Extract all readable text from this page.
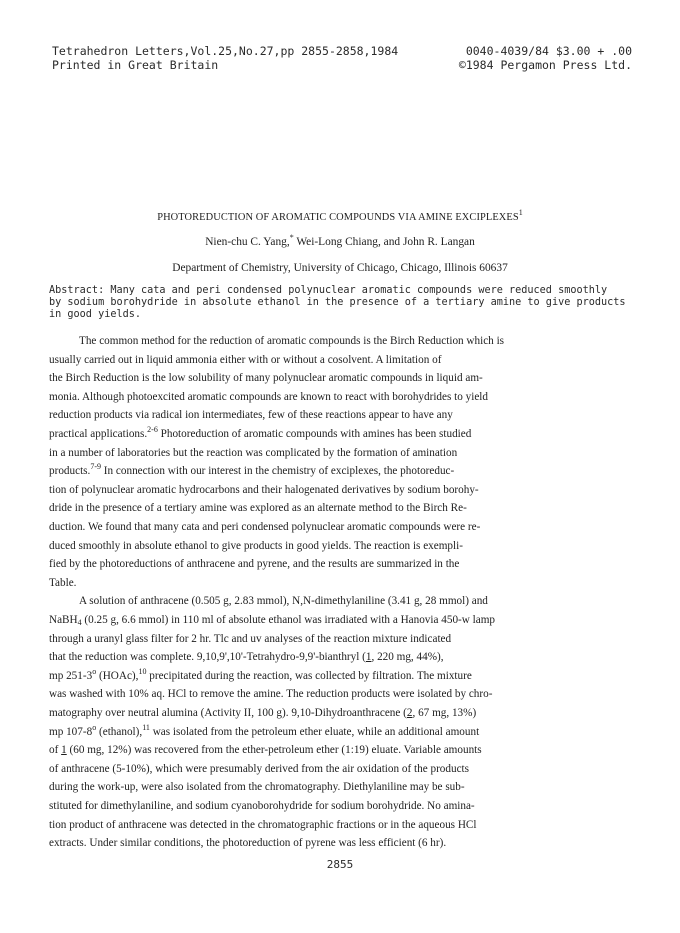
Tetrahedron Letters,Vol.25,No.27,pp 2855-2858,1984	0040-4039/84 $3.00 + .00
Printed in Great Britain	©1984 Pergamon Press Ltd.
PHOTOREDUCTION OF AROMATIC COMPOUNDS VIA AMINE EXCIPLEXES$^1$
Nien-chu C. Yang,* Wei-Long Chiang, and John R. Langan
Department of Chemistry, University of Chicago, Chicago, Illinois 60637
Abstract: Many cata and peri condensed polynuclear aromatic compounds were reduced smoothly
by sodium borohydride in absolute ethanol in the presence of a tertiary amine to give products
in good yields.
The common method for the reduction of aromatic compounds is the Birch Reduction which is
usually carried out in liquid ammonia either with or without a cosolvent. A limitation of
the Birch Reduction is the low solubility of many polynuclear aromatic compounds in liquid am-
monia. Although photoexcited aromatic compounds are known to react with borohydrides to yield
reduction products via radical ion intermediates, few of these reactions appear to have any
practical applications.$^{2-6}$ Photoreduction of aromatic compounds with amines has been studied
in a number of laboratories but the reaction was complicated by the formation of amination
products.$^{7-9}$ In connection with our interest in the chemistry of exciplexes, the photoreduc-
tion of polynuclear aromatic hydrocarbons and their halogenated derivatives by sodium borohy-
dride in the presence of a tertiary amine was explored as an alternate method to the Birch Re-
duction. We found that many cata and peri condensed polynuclear aromatic compounds were re-
duced smoothly in absolute ethanol to give products in good yields. The reaction is exempli-
fied by the photoreductions of anthracene and pyrene, and the results are summarized in the
Table.
A solution of anthracene (0.505 g, 2.83 mmol), N,N-dimethylaniline (3.41 g, 28 mmol) and
NaBH$_4$ (0.25 g, 6.6 mmol) in 110 ml of absolute ethanol was irradiated with a Hanovia 450-w lamp
through a uranyl glass filter for 2 hr. Tlc and uv analyses of the reaction mixture indicated
that the reduction was complete. 9,10,9',10'-Tetrahydro-9,9'-bianthryl (1, 220 mg, 44%),
mp 251-3$^o$ (HOAc),$^{10}$ precipitated during the reaction, was collected by filtration. The mixture
was washed with 10% aq. HCl to remove the amine. The reduction products were isolated by chro-
matography over neutral alumina (Activity II, 100 g). 9,10-Dihydroanthracene (2, 67 mg, 13%)
mp 107-8$^o$ (ethanol),$^{11}$ was isolated from the petroleum ether eluate, while an additional amount
of 1 (60 mg, 12%) was recovered from the ether-petroleum ether (1:19) eluate. Variable amounts
of anthracene (5-10%), which were presumably derived from the air oxidation of the products
during the work-up, were also isolated from the chromatography. Diethylaniline may be sub-
stituted for dimethylaniline, and sodium cyanoborohydride for sodium borohydride. No amina-
tion product of anthracene was detected in the chromatographic fractions or in the aqueous HCl
extracts. Under similar conditions, the photoreduction of pyrene was less efficient (6 hr).
2855
